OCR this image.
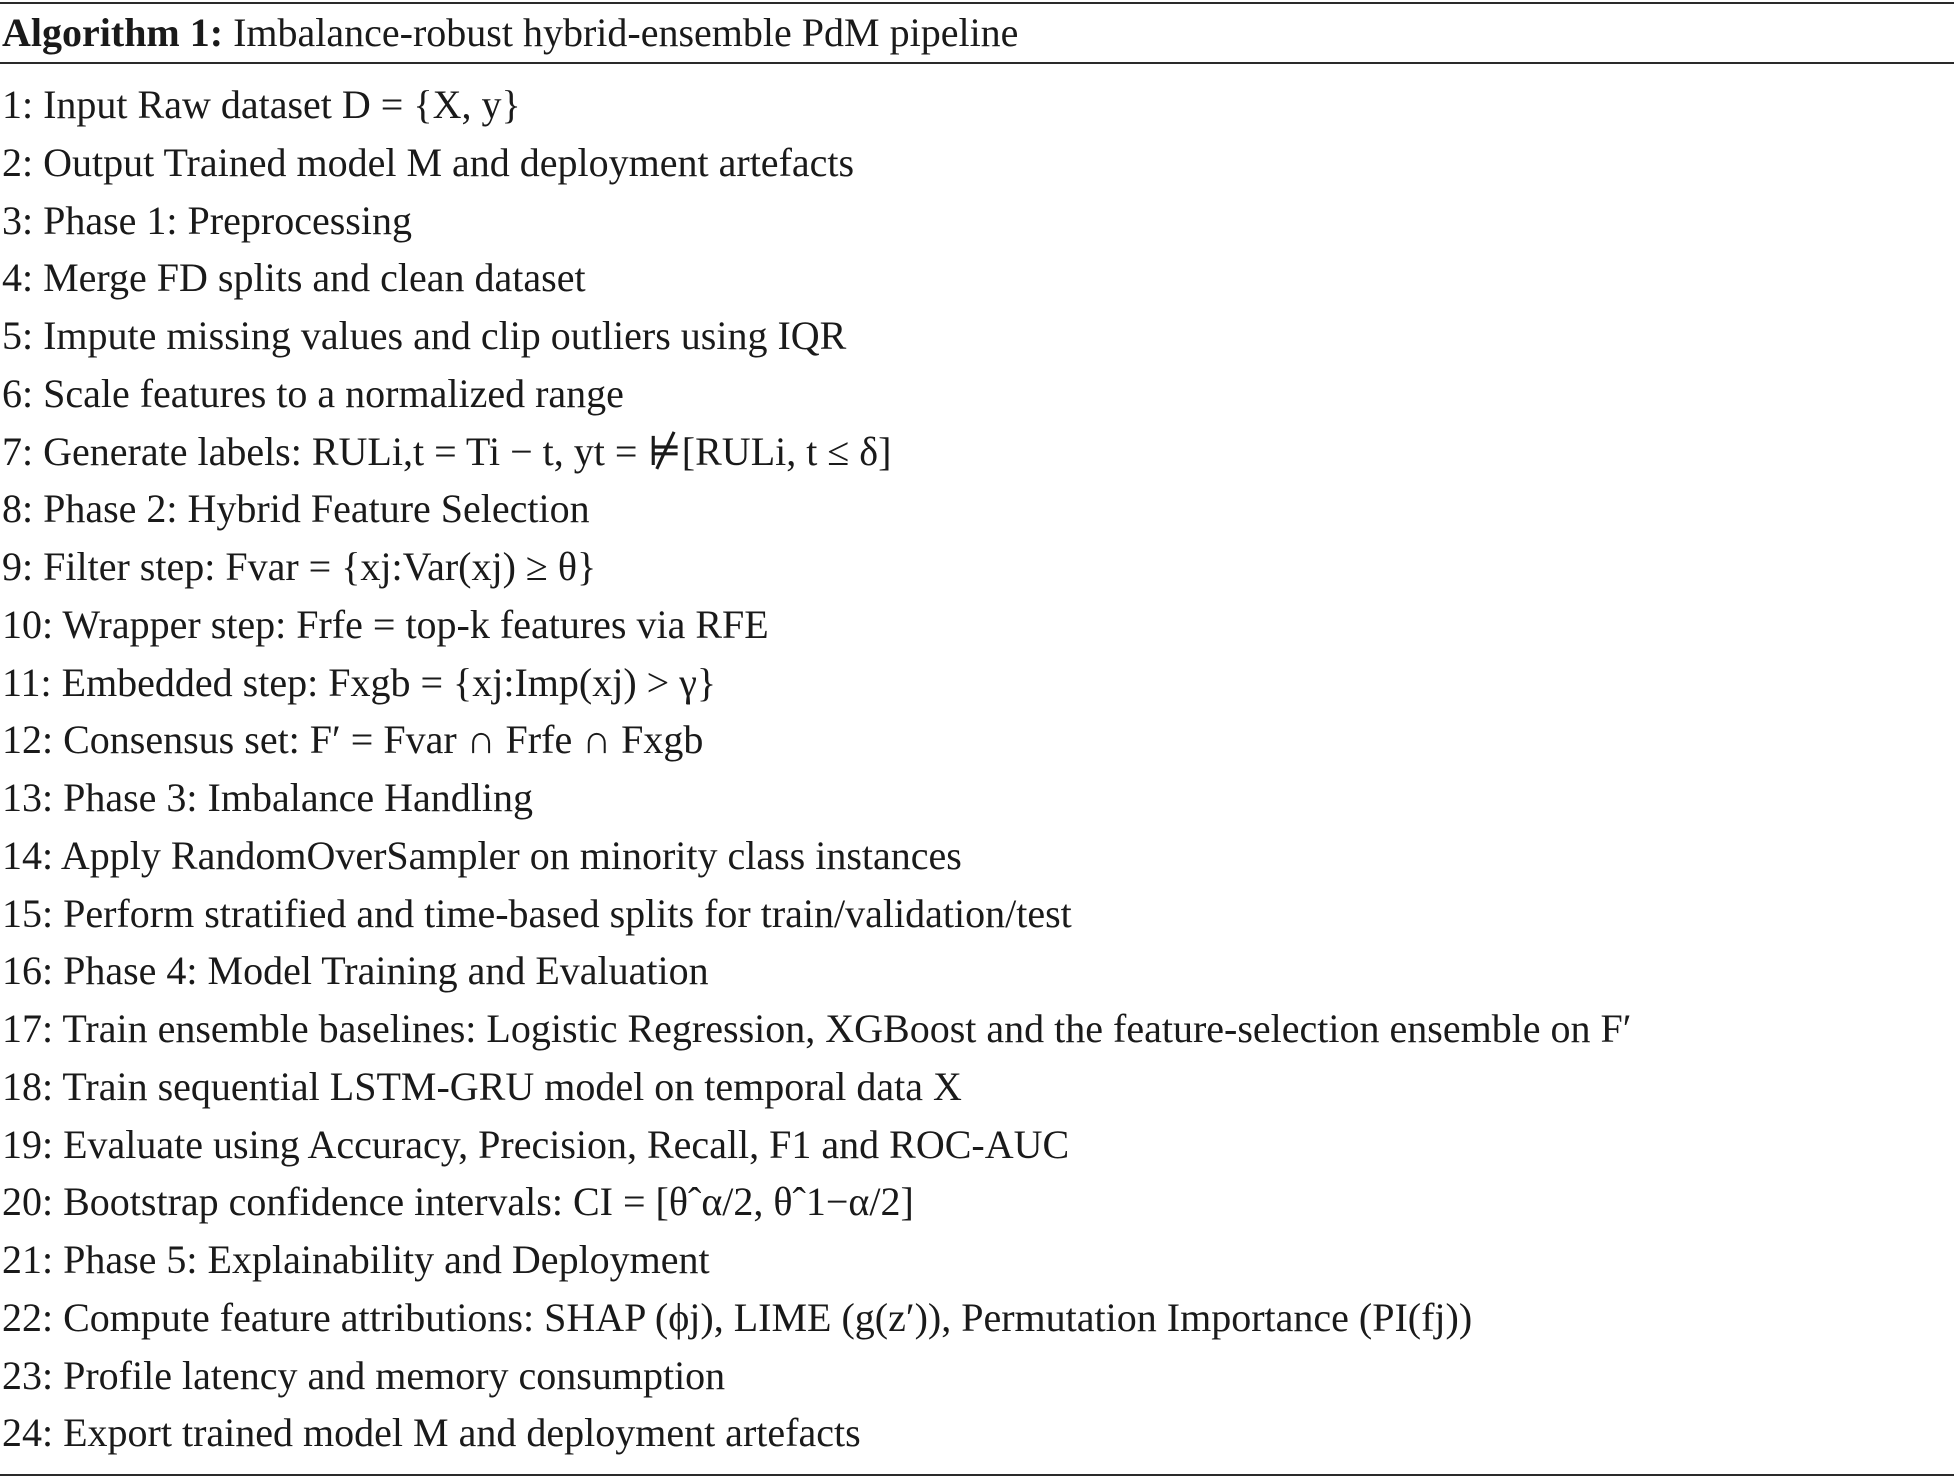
Algorithm 1: Imbalance-robust hybrid-ensemble PdM pipeline
1: Input Raw dataset D = {X, y}
2: Output Trained model M and deployment artefacts
3: Phase 1: Preprocessing
4: Merge FD splits and clean dataset
5: Impute missing values and clip outliers using IQR
6: Scale features to a normalized range
7: Generate labels: RULi,t = Ti − t, yt = ⊭[RULi, t ≤ δ]
8: Phase 2: Hybrid Feature Selection
9: Filter step: Fvar = {xj:Var(xj) ≥ θ}
10: Wrapper step: Frfe = top-k features via RFE
11: Embedded step: Fxgb = {xj:Imp(xj) > γ}
12: Consensus set: F′ = Fvar ∩ Frfe ∩ Fxgb
13: Phase 3: Imbalance Handling
14: Apply RandomOverSampler on minority class instances
15: Perform stratified and time-based splits for train/validation/test
16: Phase 4: Model Training and Evaluation
17: Train ensemble baselines: Logistic Regression, XGBoost and the feature-selection ensemble on F′
18: Train sequential LSTM-GRU model on temporal data X
19: Evaluate using Accuracy, Precision, Recall, F1 and ROC-AUC
20: Bootstrap confidence intervals: CI = [θˆα/2, θˆ1−α/2]
21: Phase 5: Explainability and Deployment
22: Compute feature attributions: SHAP (ϕj), LIME (g(z′)), Permutation Importance (PI(fj))
23: Profile latency and memory consumption
24: Export trained model M and deployment artefacts
